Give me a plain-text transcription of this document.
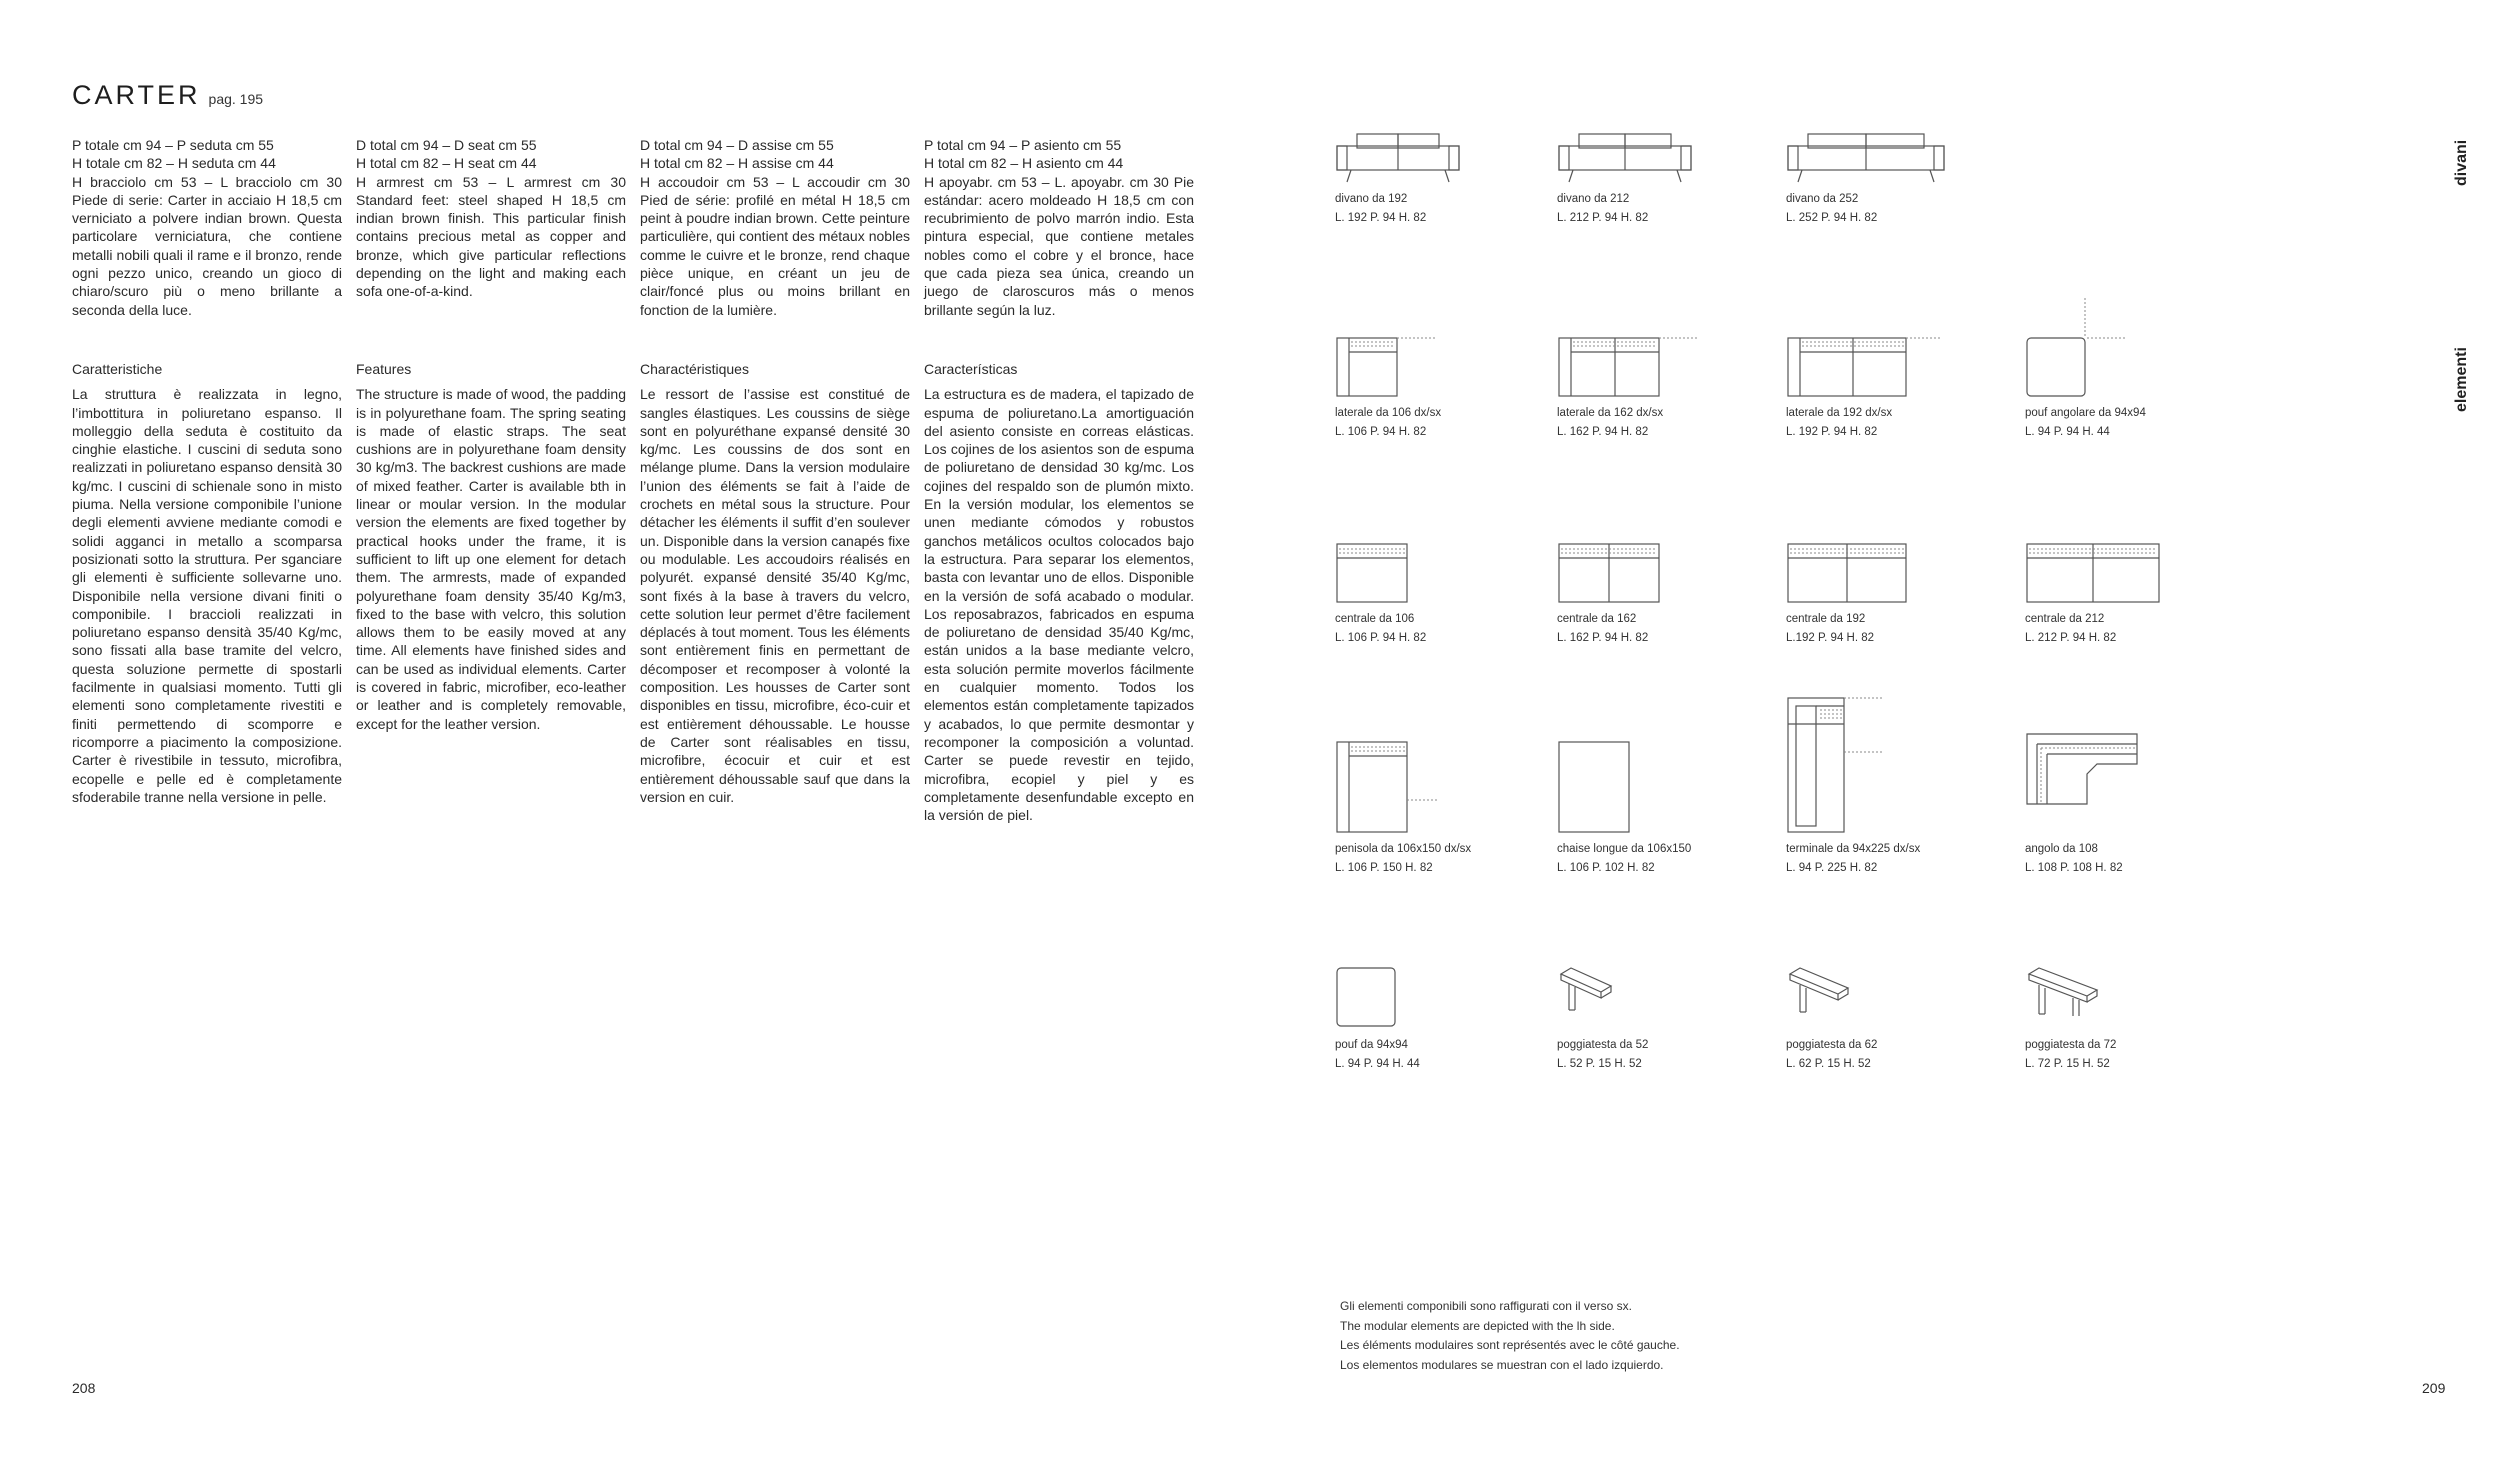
CARTER pag. 195
P totale cm 94 – P seduta cm 55
H totale cm 82 – H seduta cm 44

H bracciolo cm 53 – L bracciolo cm 30 Piede di serie: Carter in acciaio H 18,5 cm verniciato a polvere indian brown. Questa particolare verniciatura, che contiene metalli nobili quali il rame e il bronzo, rende ogni pezzo unico, creando un gioco di chiaro/scuro più o meno brillante a seconda della luce.

D total cm 94 – D seat cm 55
H total cm 82 – H seat cm 44

H armrest cm 53 – L armrest cm 30 Standard feet: steel shaped H 18,5 cm indian brown finish. This particular finish contains precious metal as copper and bronze, which give particular reflections depending on the light and making each sofa one-of-a-kind.

D total cm 94 – D assise cm 55
H total cm 82 – H assise cm 44

H accoudoir cm 53 – L accoudir cm 30 Pied de série: profilé en métal H 18,5 cm peint à poudre indian brown. Cette peinture particulière, qui contient des métaux nobles comme le cuivre et le bronze, rend chaque pièce unique, en créant un jeu de clair/foncé plus ou moins brillant en fonction de la lumière.

P total cm 94 – P asiento cm 55
H total cm 82 – H asiento cm 44

H apoyabr. cm 53 – L. apoyabr. cm 30 Pie estándar: acero moldeado H 18,5 cm con recubrimiento de polvo marrón indio. Esta pintura especial, que contiene metales nobles como el cobre y el bronce, hace que cada pieza sea única, creando un juego de claroscuros más o menos brillante según la luz.

Caratteristiche

La struttura è realizzata in legno, l’imbottitura in poliuretano espanso. Il molleggio della seduta è costituito da cinghie elastiche. I cuscini di seduta sono realizzati in poliuretano espanso densità 30 kg/mc. I cuscini di schienale sono in misto piuma. Nella versione componibile l’unione degli elementi avviene mediante comodi e solidi agganci in metallo a scomparsa posizionati sotto la struttura. Per sganciare gli elementi è sufficiente sollevarne uno. Disponibile nella versione divani finiti o componibile. I braccioli realizzati in poliuretano espanso densità 35/40 Kg/mc, sono fissati alla base tramite del velcro, questa soluzione permette di spostarli facilmente in qualsiasi momento. Tutti gli elementi sono completamente rivestiti e finiti permettendo di scomporre e ricomporre a piacimento la composizione. Carter è rivestibile in tessuto, microfibra, ecopelle e pelle ed è completamente sfoderabile tranne nella versione in pelle.

Features

The structure is made of wood, the padding is in polyurethane foam. The spring seating is made of elastic straps. The seat cushions are in polyurethane foam density 30 kg/m3. The backrest cushions are made of mixed feather. Carter is available bth in linear or moular version. In the modular version the elements are fixed together by practical hooks under the frame, it is sufficient to lift up one element for detach them. The armrests, made of expanded polyurethane foam density 35/40 Kg/m3, fixed to the base with velcro, this solution allows them to be easily moved at any time. All elements have finished sides and can be used as individual elements. Carter is covered in fabric, microfiber, eco-leather or leather and is completely removable, except for the leather version.

Charactéristiques

Le ressort de l’assise est constitué de sangles élastiques. Les coussins de siège sont en polyuréthane expansé densité 30 kg/mc. Les coussins de dos sont en mélange plume. Dans la version modulaire l’union des éléments se fait à l’aide de crochets en métal sous la structure. Pour détacher les éléments il suffit d’en soulever un. Disponible dans la version canapés fixe ou modulable. Les accoudoirs réalisés en polyurét. expansé densité 35/40 Kg/mc, sont fixés à la base à travers du velcro, cette solution leur permet d’être facilement déplacés à tout moment. Tous les éléments sont entièrement finis en permettant de décomposer et recomposer à volonté la composition. Les housses de Carter sont disponibles en tissu, microfibre, éco-cuir et est entièrement déhoussable. Le housse de Carter sont réalisables en tissu, microfibre, écocuir et cuir et est entièrement déhoussable sauf que dans la version en cuir.

Características

La estructura es de madera, el tapizado de espuma de poliuretano.La amortiguación del asiento consiste en correas elásticas. Los cojines de los asientos son de espuma de poliuretano de densidad 30 kg/mc. Los cojines del respaldo son de plumón mixto. En la versión modular, los elementos se unen mediante cómodos y robustos ganchos metálicos ocultos colocados bajo la estructura. Para separar los elementos, basta con levantar uno de ellos. Disponible en la versión de sofá acabado o modular. Los reposabrazos, fabricados en espuma de poliuretano de densidad 35/40 Kg/mc, están unidos a la base mediante velcro, esta solución permite moverlos fácilmente en cualquier momento. Todos los elementos están completamente tapizados y acabados, lo que permite desmontar y recomponer la composición a voluntad. Carter se puede revestir en tejido, microfibra, ecopiel y piel y es completamente desenfundable excepto en la versión de piel.

208	209
divani
elementi
divano da 192
L. 192 P. 94 H. 82
divano da 212
L. 212 P. 94 H. 82
divano da 252
L. 252 P. 94 H. 82
laterale da 106 dx/sx
L. 106 P. 94 H. 82
laterale da 162 dx/sx
L. 162 P. 94 H. 82
laterale da 192 dx/sx
L. 192 P. 94 H. 82
pouf angolare da 94x94
L. 94 P. 94 H. 44
centrale da 106
L. 106 P. 94 H. 82
centrale da 162
L. 162 P. 94 H. 82
centrale da 192
L.192 P. 94 H. 82
centrale da 212
L. 212 P. 94 H. 82
penisola da 106x150 dx/sx
L. 106 P. 150 H. 82
chaise longue da 106x150
L. 106 P. 102 H. 82
terminale da 94x225 dx/sx
L. 94 P. 225 H. 82
angolo da 108
L. 108 P. 108 H. 82
pouf da 94x94
L. 94 P. 94 H. 44
poggiatesta da 52
L. 52 P. 15 H. 52
poggiatesta da 62
L. 62 P. 15 H. 52
poggiatesta da 72
L. 72 P. 15 H. 52
Gli elementi componibili sono raffigurati con il verso sx.
The modular elements are depicted with the lh side.
Les éléments modulaires sont représentés avec le côté gauche.
Los elementos modulares se muestran con el lado izquierdo.
